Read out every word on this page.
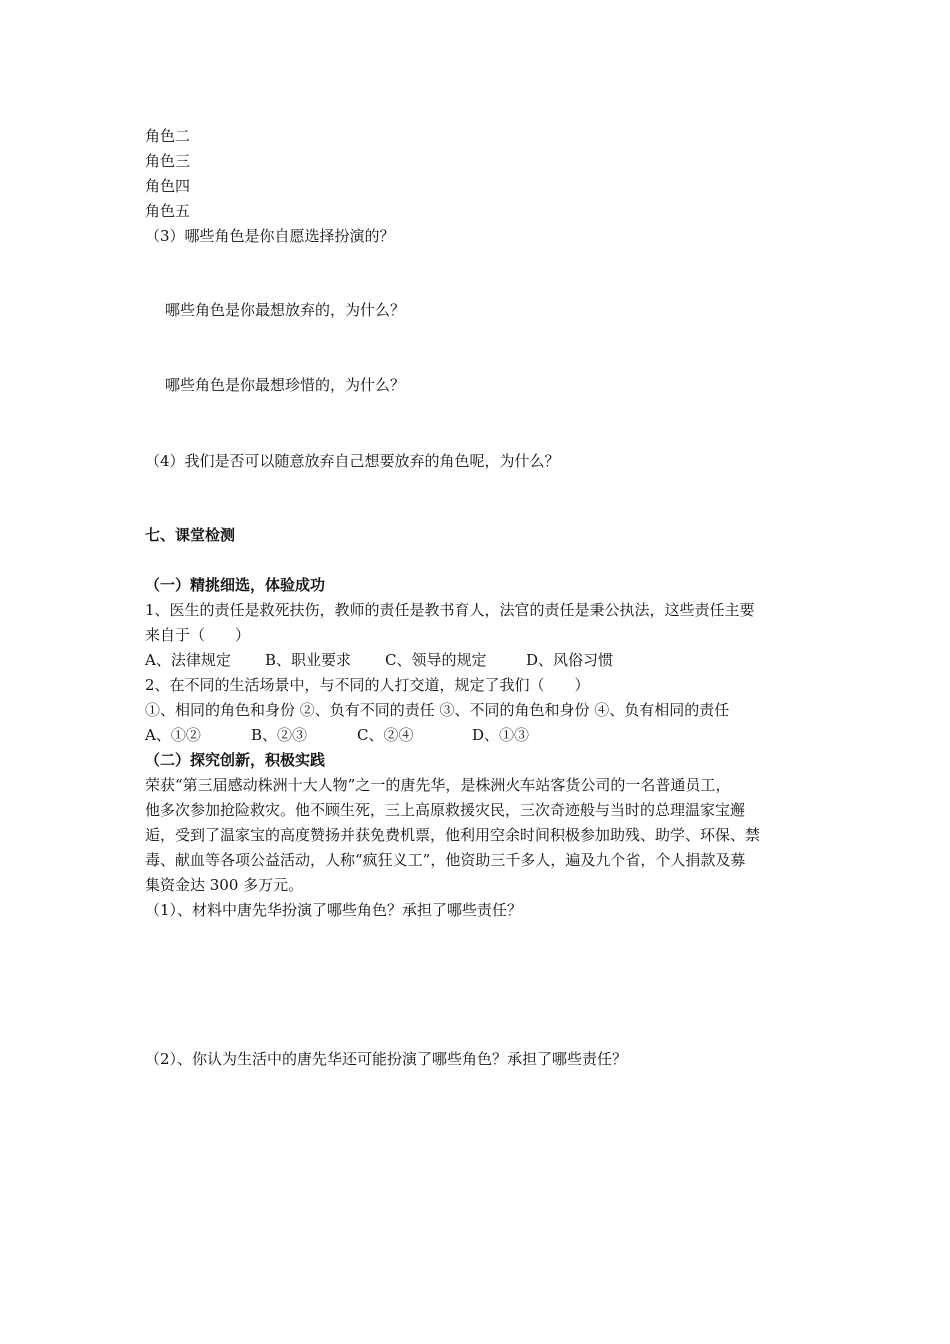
角色二
角色三
角色四
角色五
（3）哪些角色是你自愿选择扮演的？
哪些角色是你最想放弃的，为什么？
哪些角色是你最想珍惜的，为什么？
（4）我们是否可以随意放弃自己想要放弃的角色呢，为什么？
七、课堂检测
（一）精挑细选，体验成功
1、医生的责任是救死扶伤，教师的责任是教书育人，法官的责任是秉公执法，这些责任主要
来自于（　　）
A、法律规定 B、职业要求 C、领导的规定	D、风俗习惯
2、在不同的生活场景中，与不同的人打交道，规定了我们（　　）
①、相同的角色和身份 ②、负有不同的责任 ③、不同的角色和身份 ④、负有相同的责任
A、①②	B、②③	C、②④	D、①③
（二）探究创新，积极实践
荣获“第三届感动株洲十大人物”之一的唐先华，是株洲火车站客货公司的一名普通员工，
他多次参加抢险救灾。他不顾生死，三上高原救援灾民，三次奇迹般与当时的总理温家宝邂
逅，受到了温家宝的高度赞扬并获免费机票，他利用空余时间积极参加助残、助学、环保、禁
毒、献血等各项公益活动，人称“疯狂义工”，他资助三千多人，遍及九个省，个人捐款及募
集资金达 300 多万元。
（1）、材料中唐先华扮演了哪些角色？承担了哪些责任？
（2）、你认为生活中的唐先华还可能扮演了哪些角色？承担了哪些责任？
